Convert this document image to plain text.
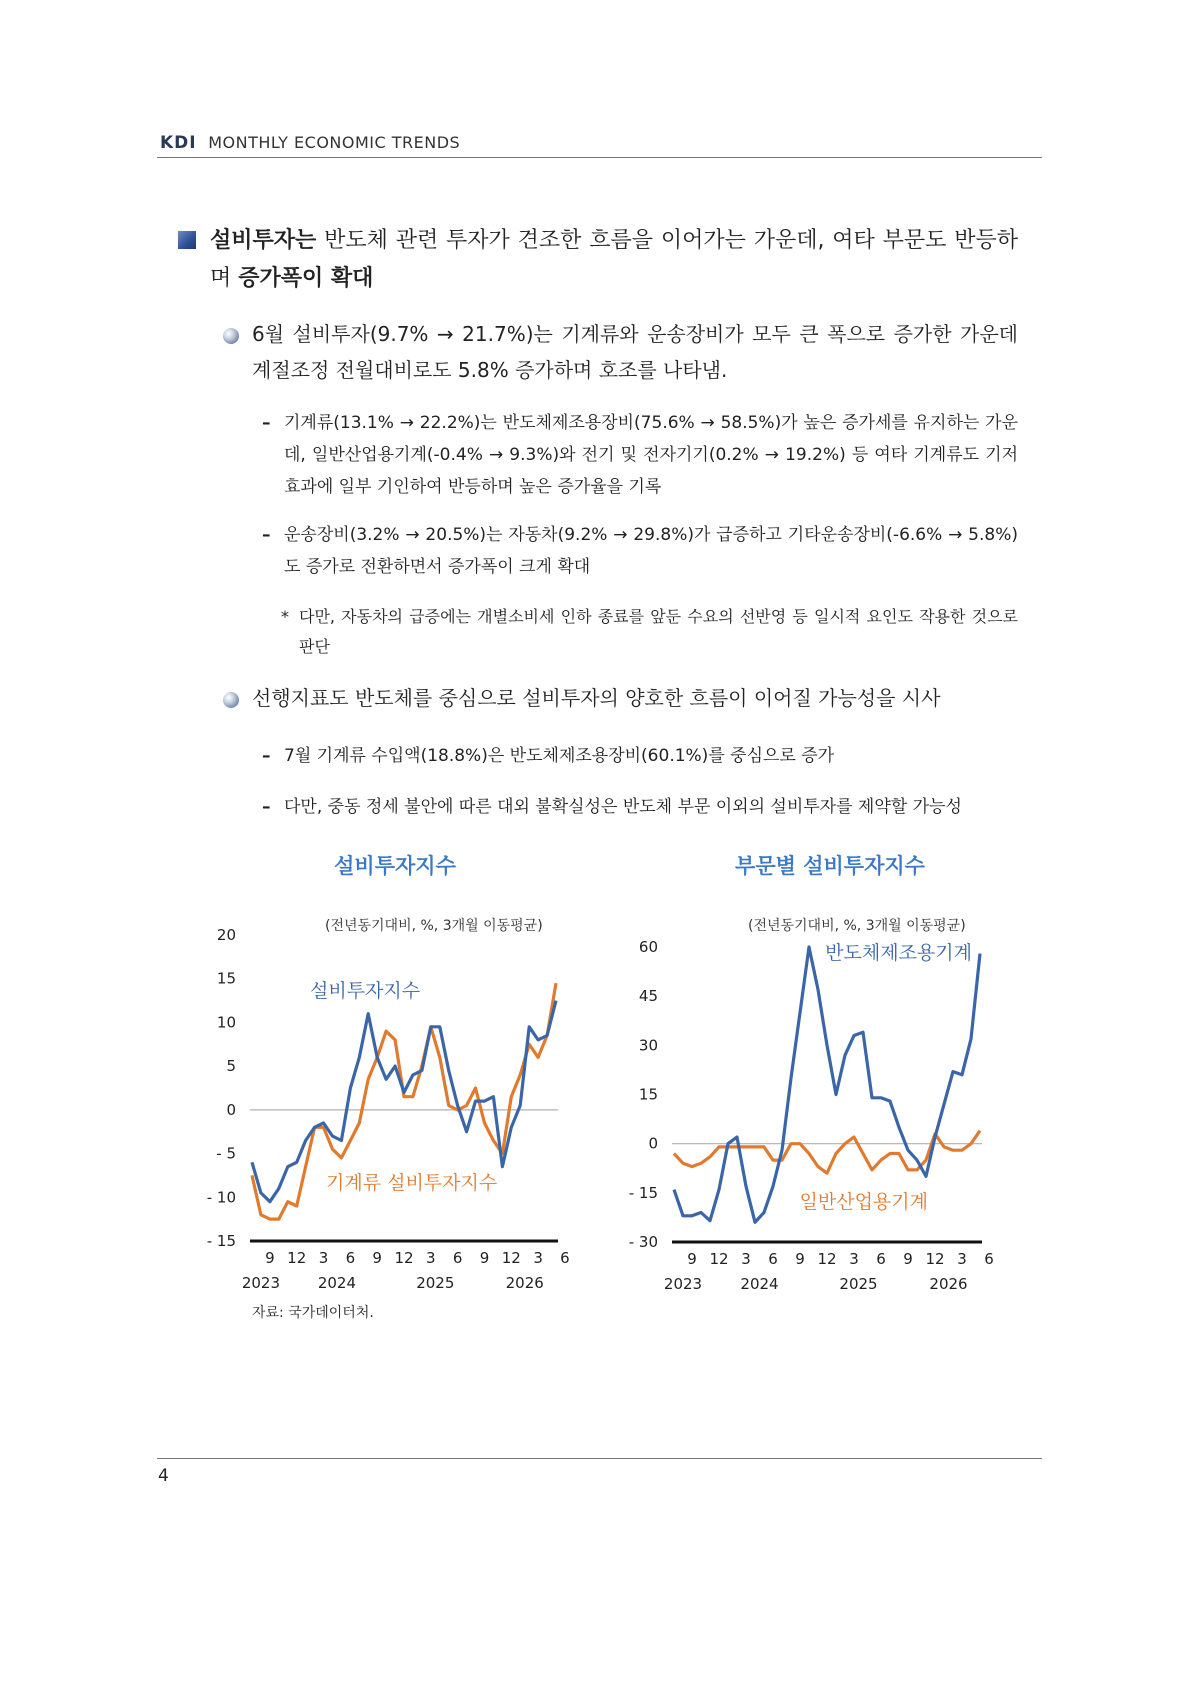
KDI MONTHLY ECONOMIC TRENDS
설비투자는 반도체 관련 투자가 견조한 흐름을 이어가는 가운데, 여타 부문도 반등하며 증가폭이 확대
6월 설비투자(9.7% → 21.7%)는 기계류와 운송장비가 모두 큰 폭으로 증가한 가운데 계절조정 전월대비로도 5.8% 증가하며 호조를 나타냄.
– 기계류(13.1% → 22.2%)는 반도체제조용장비(75.6% → 58.5%)가 높은 증가세를 유지하는 가운데, 일반산업용기계(-0.4% → 9.3%)와 전기 및 전자기기(0.2% → 19.2%) 등 여타 기계류도 기저효과에 일부 기인하여 반등하며 높은 증가율을 기록
– 운송장비(3.2% → 20.5%)는 자동차(9.2% → 29.8%)가 급증하고 기타운송장비(-6.6% → 5.8%)도 증가로 전환하면서 증가폭이 크게 확대
* 다만, 자동차의 급증에는 개별소비세 인하 종료를 앞둔 수요의 선반영 등 일시적 요인도 작용한 것으로 판단
선행지표도 반도체를 중심으로 설비투자의 양호한 흐름이 이어질 가능성을 시사
– 7월 기계류 수입액(18.8%)은 반도체제조용장비(60.1%)를 중심으로 증가
– 다만, 중동 정세 불안에 따른 대외 불확실성은 반도체 부문 이외의 설비투자를 제약할 가능성
설비투자지수	부문별 설비투자지수
(전년동기대비, %, 3개월 이동평균)	(전년동기대비, %, 3개월 이동평균)
20
15
10
5
0
- 5
- 10
- 15
9 12 3 6 9 12 3 6 9 12 3 6
2023	2024	2025	2026
설비투자지수
기계류 설비투자지수
60
45
30
15
0
- 15
- 30
9 12 3 6 9 12 3 6 9 12 3 6
2023	2024	2025	2026
반도체제조용기계
일반산업용기계
자료: 국가데이터처.
4
